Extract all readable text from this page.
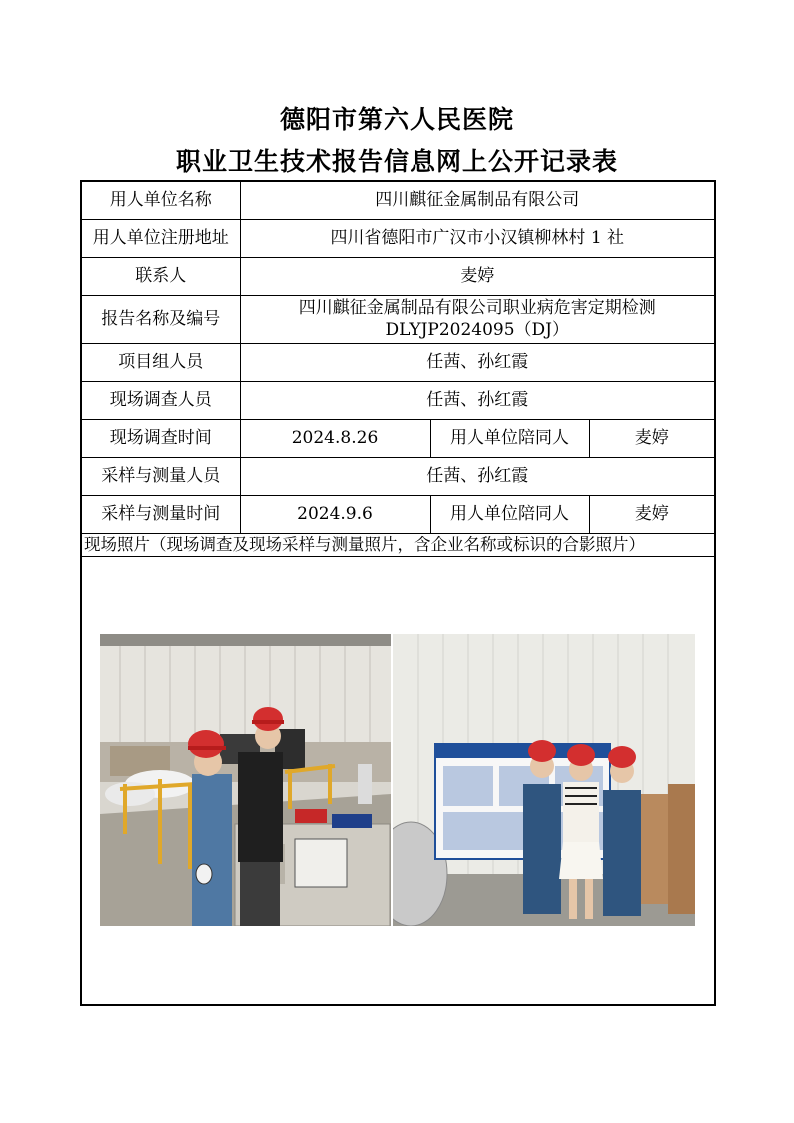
德阳市第六人民医院
职业卫生技术报告信息网上公开记录表
用人单位名称	四川麒征金属制品有限公司		
用人单位注册地址	四川省德阳市广汉市小汉镇柳林村 1 社		
联系人	麦婷		
报告名称及编号	四川麒征金属制品有限公司职业病危害定期检测
DLYJP2024095（DJ）		

项目组人员	任茜、孙红霞		
现场调查人员	任茜、孙红霞		
现场调查时间	2024.8.26	用人单位陪同人	麦婷
采样与测量人员	任茜、孙红霞		
采样与测量时间	2024.9.6	用人单位陪同人	麦婷
现场照片（现场调查及现场采样与测量照片，含企业名称或标识的合影照片）			
